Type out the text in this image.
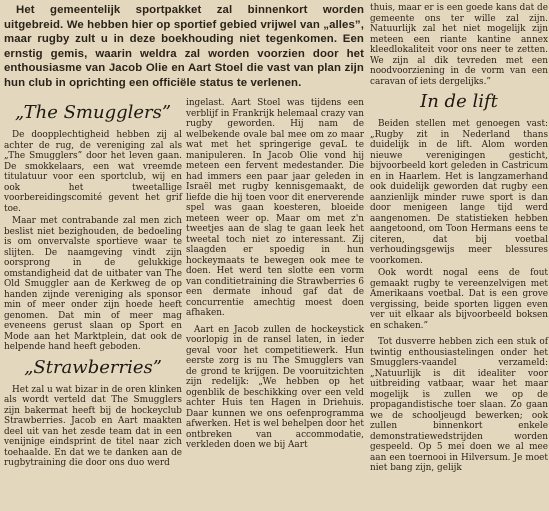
Het gemeentelijk sportpakket zal binnenkort worden uitgebreid. We hebben hier op sportief gebied vrijwel van „alles”, maar rugby zult u in deze boekhouding niet tegenkomen. Een ernstig gemis, waarin weldra zal worden voorzien door het enthousiasme van Jacob Olie en Aart Stoel die vast van plan zijn hun club in oprichting een officiële status te verlenen.

„The Smugglers”

De doopplechtigheid hebben zij al achter de rug, de vereniging zal als „The Smugglers” door het leven gaan. De smokkelaars, een wat vreemde titulatuur voor een sportclub, wij en ook het tweetallige voorbereidingscomité gevent het grif toe.

Maar met contrabande zal men zich beslist niet bezighouden, de bedoeling is om onvervalste sportieve waar te slijten. De naamgeving vindt zijn oorsprong in de gelukkige omstandigheid dat de uitbater van The Old Smuggler aan de Kerkweg de op handen zijnde vereniging als sponsor min of meer onder zijn hoede heeft genomen. Dat min of meer mag eveneens gerust slaan op Sport en Mode aan het Marktplein, dat ook de helpende hand heeft geboden.

„Strawberries”

Het zal u wat bizar in de oren klinken als wordt verteld dat The Smugglers zijn bakermat heeft bij de hockeyclub Strawberries. Jacob en Aart maakten deel uit van het zesde team dat in een venijnige eindsprint de titel naar zich toehaalde. En dat we te danken aan de rugbytraining die door ons duo werd

ingelast. Aart Stoel was tijdens een verblijf in Frankrijk helemaal crazy van rugby geworden. Hij nam de welbekende ovale bal mee om zo maar wat met het springerige gevaL te manipuleren. In Jacob Olie vond hij meteen een fervent medestander. Die had immers een paar jaar geleden in Israël met rugby kennisgemaakt, de liefde die hij toen voor dit enerverende spel was gaan koesteren, bloeide meteen weer op. Maar om met z'n tweetjes aan de slag te gaan leek het tweetal toch niet zo interessant. Zij slaagden er spoedig in hun hockeymaats te bewegen ook mee te doen. Het werd ten slotte een vorm van conditietraining die Strawberries 6 een dermate inhoud gaf dat de concurrentie amechtig moest doen afhaken.

Aart en Jacob zullen de hockeystick voorlopig in de ransel laten, in ieder geval voor het competitiewerk. Hun eerste zorg is nu The Smugglers van de grond te krijgen. De vooruitzichten zijn redelijk: „We hebben op het ogenblik de beschikking over een veld achter Huis ten Hagen in Driehuis. Daar kunnen we ons oefenprogramma afwerken. Het is wel behelpen door het ontbreken van accommodatie, verkleden doen we bij Aart

thuis, maar er is een goede kans dat de gemeente ons ter wille zal zijn. Natuurlijk zal het niet mogelijk zijn meteen een riante kantine annex kleedlokaliteit voor ons neer te zetten. We zijn al dik tevreden met een noodvoorziening in de vorm van een caravan of iets dergelijks.”

In de lift

Beiden stellen met genoegen vast: „Rugby zit in Nederland thans duidelijk in de lift. Alom worden nieuwe verenigingen gesticht, bijvoorbeeld kort geleden in Castricum en in Haarlem. Het is langzamerhand ook duidelijk geworden dat rugby een aanzienlijk minder ruwe sport is dan door menigeen lange tijd werd aangenomen. De statistieken hebben aangetoond, om Toon Hermans eens te citeren, dat bij voetbal verhoudingsgewijs meer blessures voorkomen.

Ook wordt nogal eens de fout gemaakt rugby te vereenzelvigen met Amerikaans voetbal. Dat is een grove vergissing, beide sporten liggen even ver uit elkaar als bijvoorbeeld boksen en schaken.”

Tot dusverre hebben zich een stuk of twintig enthousiastelingen onder het Smugglers-vaandel verzameld: „Natuurlijk is dit idealiter voor uitbreiding vatbaar, waar het maar mogelijk is zullen we op de propagandistische toer slaan. Zo gaan we de schooljeugd bewerken; ook zullen binnenkort enkele demonstratiewedstrijden worden gespeeld. Op 5 mei doen we al mee aan een toernooi in Hilversum. Je moet niet bang zijn, gelijk
